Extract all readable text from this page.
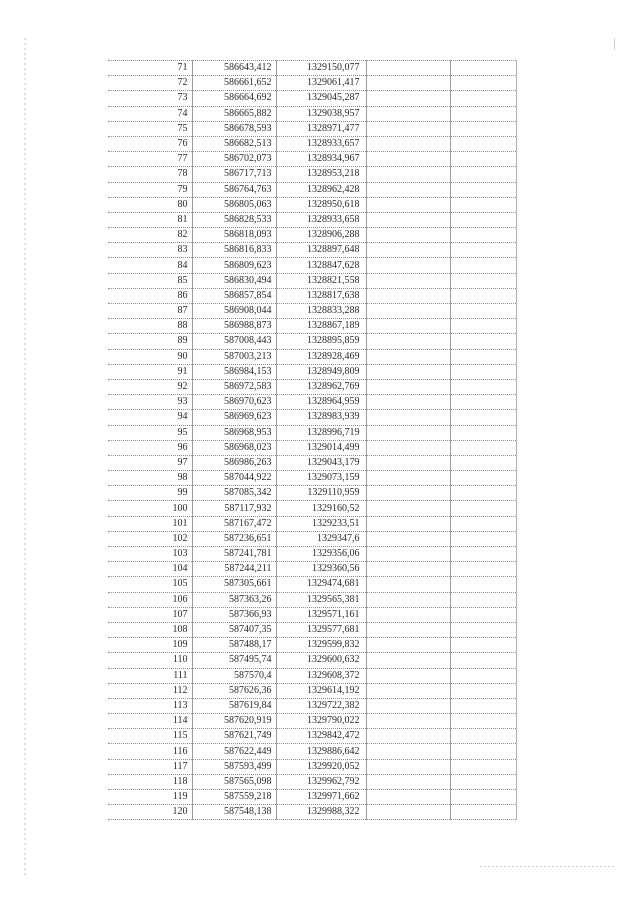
71	586643,412	1329150,077		
72	586661,652	1329061,417		
73	586664,692	1329045,287		
74	586665,882	1329038,957		
75	586678,593	1328971,477		
76	586682,513	1328933,657		
77	586702,073	1328934,967		
78	586717,713	1328953,218		
79	586764,763	1328962,428		
80	586805,063	1328950,618		
81	586828,533	1328933,658		
82	586818,093	1328906,288		
83	586816,833	1328897,648		
84	586809,623	1328847,628		
85	586830,494	1328821,558		
86	586857,854	1328817,638		
87	586908,044	1328833,288		
88	586988,873	1328867,189		
89	587008,443	1328895,859		
90	587003,213	1328928,469		
91	586984,153	1328949,809		
92	586972,583	1328962,769		
93	586970,623	1328964,959		
94	586969,623	1328983,939		
95	586968,953	1328996,719		
96	586968,023	1329014,499		
97	586986,263	1329043,179		
98	587044,922	1329073,159		
99	587085,342	1329110,959		
100	587117,932	1329160,52		
101	587167,472	1329233,51		
102	587236,651	1329347,6		
103	587241,781	1329356,06		
104	587244,211	1329360,56		
105	587305,661	1329474,681		
106	587363,26	1329565,381		
107	587366,93	1329571,161		
108	587407,35	1329577,681		
109	587488,17	1329599,832		
110	587495,74	1329600,632		
111	587570,4	1329608,372		
112	587626,36	1329614,192		
113	587619,84	1329722,382		
114	587620,919	1329790,022		
115	587621,749	1329842,472		
116	587622,449	1329886,642		
117	587593,499	1329920,052		
118	587565,098	1329962,792		
119	587559,218	1329971,662		
120	587548,138	1329988,322		
